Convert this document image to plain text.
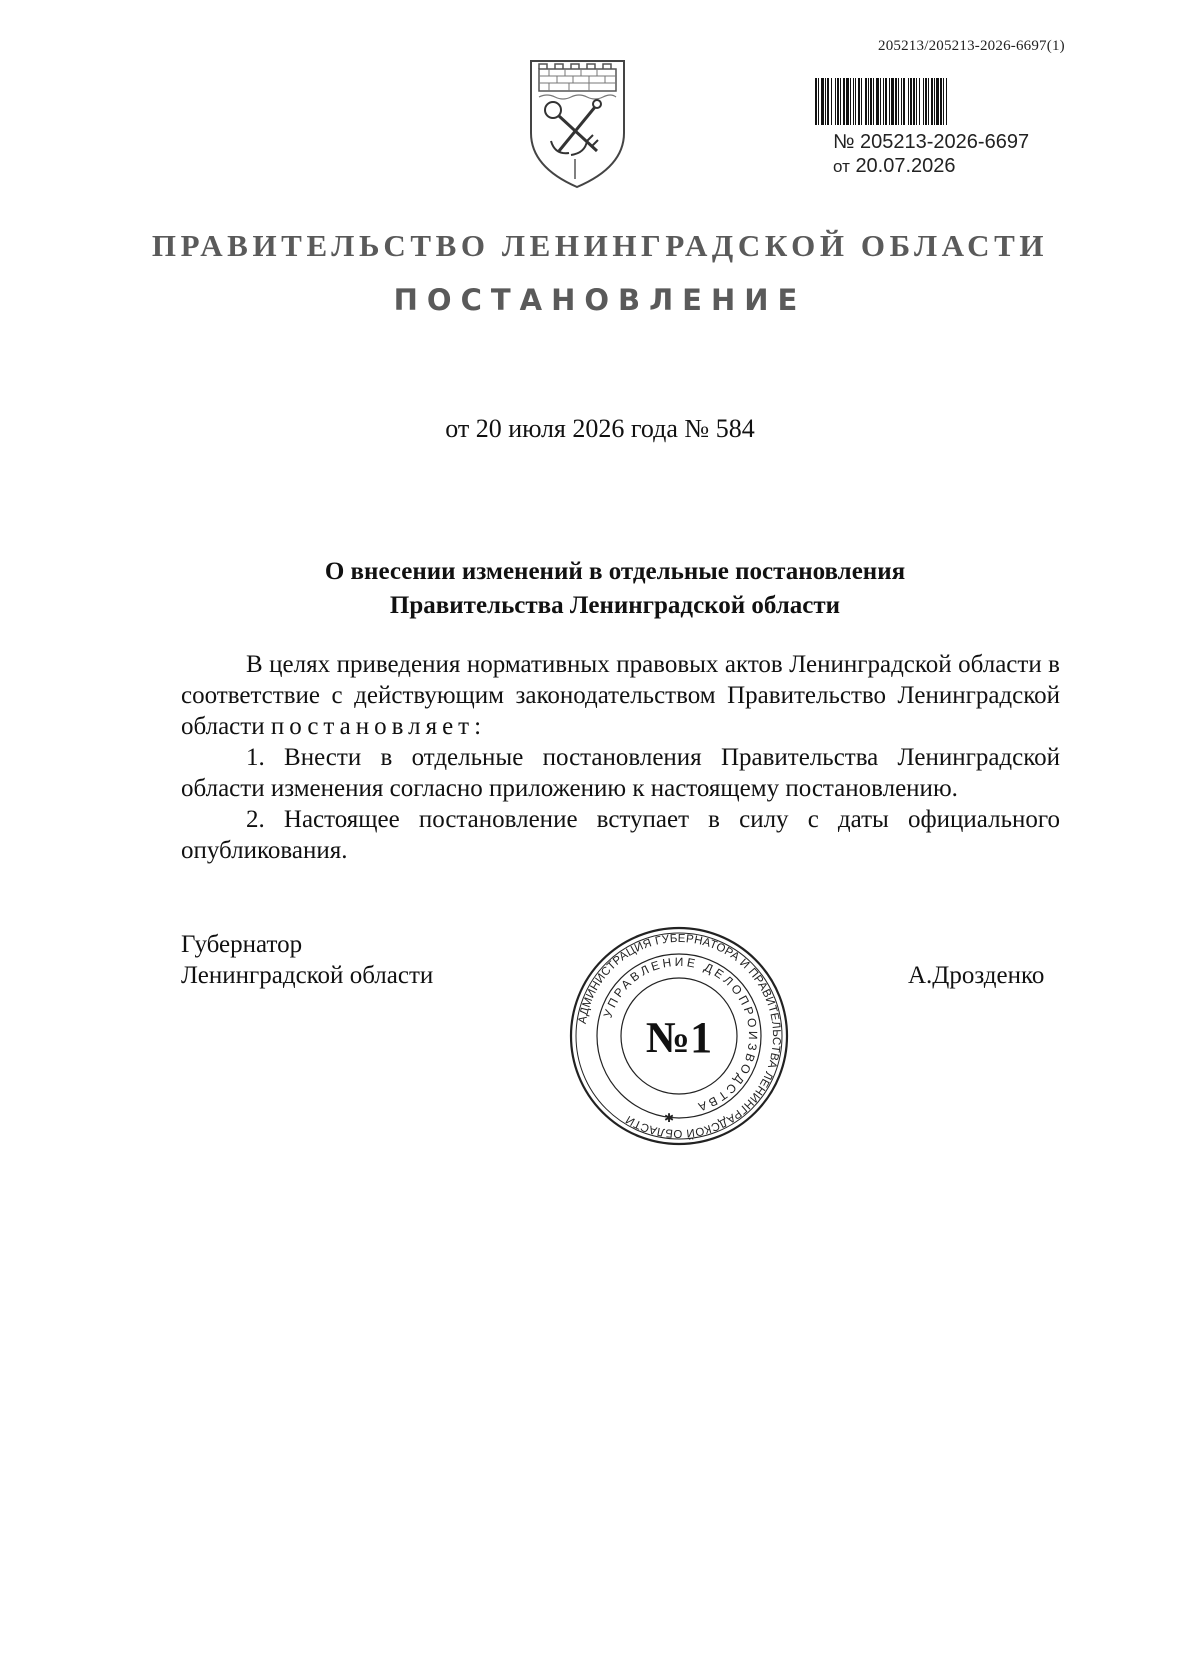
205213/205213-2026-6697(1)
№ 205213-2026-6697
от 20.07.2026
ПРАВИТЕЛЬСТВО ЛЕНИНГРАДСКОЙ ОБЛАСТИ
ПОСТАНОВЛЕНИЕ
от 20 июля 2026 года № 584
О внесении изменений в отдельные постановления
Правительства Ленинградской области

В целях приведения нормативных правовых актов Ленинградской области в соответствие с действующим законодательством Правительство Ленинградской области постановляет:

1. Внести в отдельные постановления Правительства Ленинградской области изменения согласно приложению к настоящему постановлению.

2. Настоящее постановление вступает в силу с даты официального опубликования.

Губернатор
Ленинградской области	А.Дрозденко
АДМИНИСТРАЦИЯ ГУБЕРНАТОРА И ПРАВИТЕЛЬСТВА ЛЕНИНГРАДСКОЙ ОБЛАСТИ
УПРАВЛЕНИЕ ДЕЛОПРОИЗВОДСТВА
№1
✱
